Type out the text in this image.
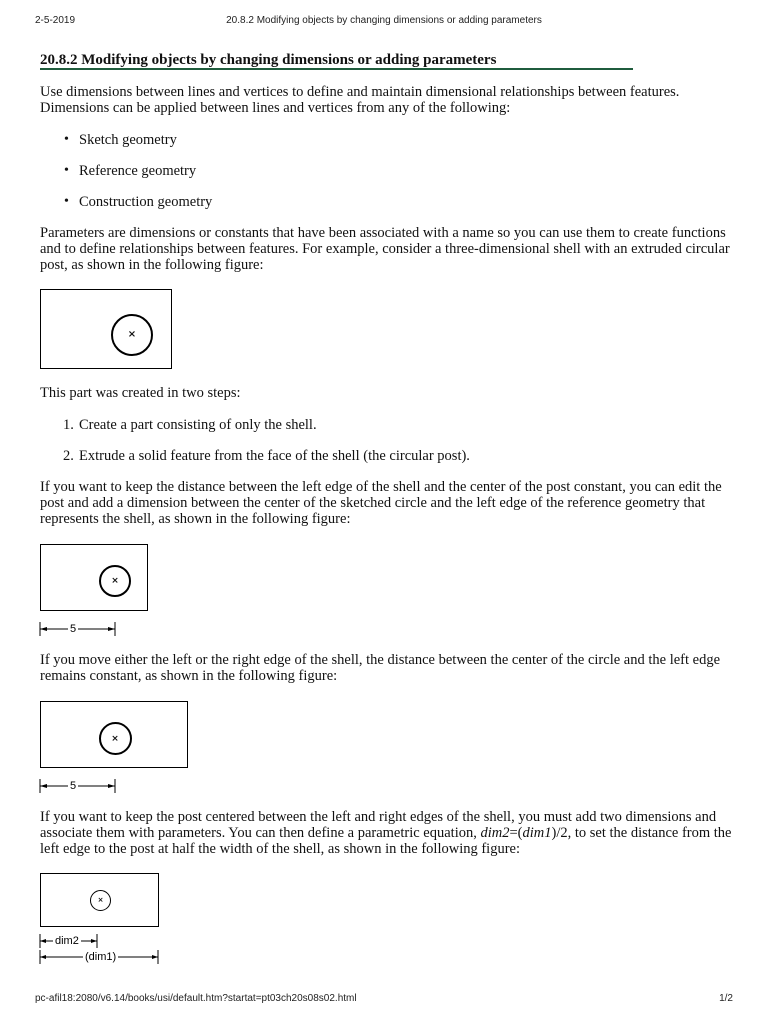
2-5-2019	20.8.2 Modifying objects by changing dimensions or adding parameters
20.8.2 Modifying objects by changing dimensions or adding parameters

Use dimensions between lines and vertices to define and maintain dimensional relationships between features. Dimensions can be applied between lines and vertices from any of the following:

• Sketch geometry

• Reference geometry

• Construction geometry

Parameters are dimensions or constants that have been associated with a name so you can use them to create functions and to define relationships between features. For example, consider a three-dimensional shell with an extruded circular post, as shown in the following figure:

×

This part was created in two steps:

1. Create a part consisting of only the shell.

2. Extrude a solid feature from the face of the shell (the circular post).

If you want to keep the distance between the left edge of the shell and the center of the post constant, you can edit the post and add a dimension between the center of the sketched circle and the left edge of the reference geometry that represents the shell, as shown in the following figure:

×
5

If you move either the left or the right edge of the shell, the distance between the center of the circle and the left edge remains constant, as shown in the following figure:

×
5

If you want to keep the post centered between the left and right edges of the shell, you must add two dimensions and associate them with parameters. You can then define a parametric equation, dim2=(dim1)/2, to set the distance from the left edge to the post at half the width of the shell, as shown in the following figure:

×
dim2
(dim1)
pc-afil18:2080/v6.14/books/usi/default.htm?startat=pt03ch20s08s02.html	1/2
